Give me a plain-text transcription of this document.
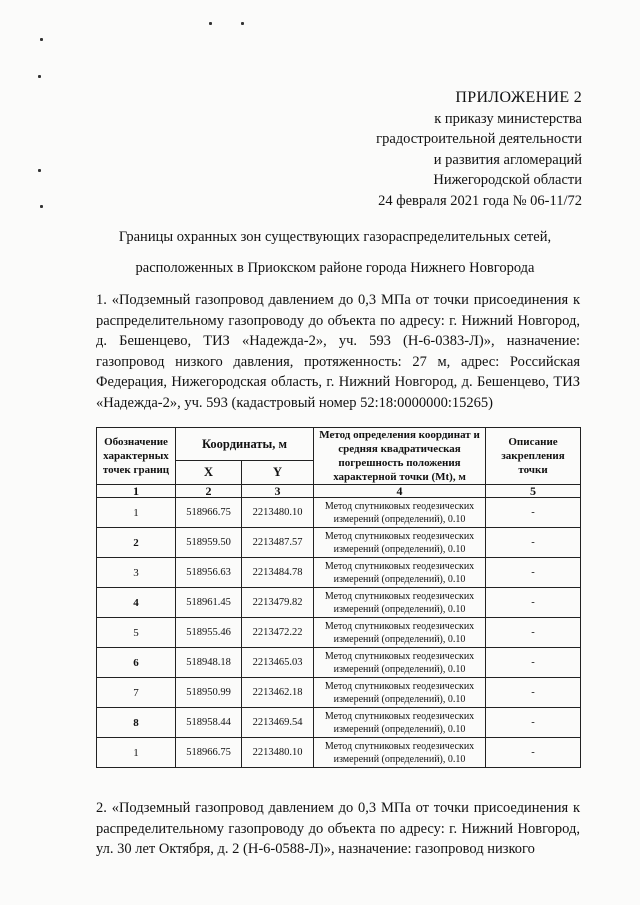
ПРИЛОЖЕНИЕ 2
к приказу министерства
градостроительной деятельности
и развития агломераций
Нижегородской области
24 февраля 2021 года № 06-11/72
Границы охранных зон существующих газораспределительных сетей,
расположенных в Приокском районе города Нижнего Новгорода
1. «Подземный газопровод давлением до 0,3 МПа от точки присоединения к распределительному газопроводу до объекта по адресу: г. Нижний Новгород, д. Бешенцево, ТИЗ «Надежда-2», уч. 593 (Н-6-0383-Л)», назначение: газопровод низкого давления, протяженность: 27 м, адрес: Российская Федерация, Нижегородская область, г. Нижний Новгород, д. Бешенцево, ТИЗ «Надежда-2», уч. 593 (кадастровый номер 52:18:0000000:15265)
Обозначение характерных точек границ	Координаты, м		Метод определения координат и средняя квадратическая погрешность положения характерной точки (Mt), м	Описание закрепления точки
	X	Y		
1	2	3	4	5
1	518966.75	2213480.10	Метод спутниковых геодезических измерений (определений), 0.10	-
2	518959.50	2213487.57	Метод спутниковых геодезических измерений (определений), 0.10	-
3	518956.63	2213484.78	Метод спутниковых геодезических измерений (определений), 0.10	-
4	518961.45	2213479.82	Метод спутниковых геодезических измерений (определений), 0.10	-
5	518955.46	2213472.22	Метод спутниковых геодезических измерений (определений), 0.10	-
6	518948.18	2213465.03	Метод спутниковых геодезических измерений (определений), 0.10	-
7	518950.99	2213462.18	Метод спутниковых геодезических измерений (определений), 0.10	-
8	518958.44	2213469.54	Метод спутниковых геодезических измерений (определений), 0.10	-
1	518966.75	2213480.10	Метод спутниковых геодезических измерений (определений), 0.10	-
2. «Подземный газопровод давлением до 0,3 МПа от точки присоединения к распределительному газопроводу до объекта по адресу: г. Нижний Новгород, ул. 30 лет Октября, д. 2 (Н-6-0588-Л)», назначение: газопровод низкого
